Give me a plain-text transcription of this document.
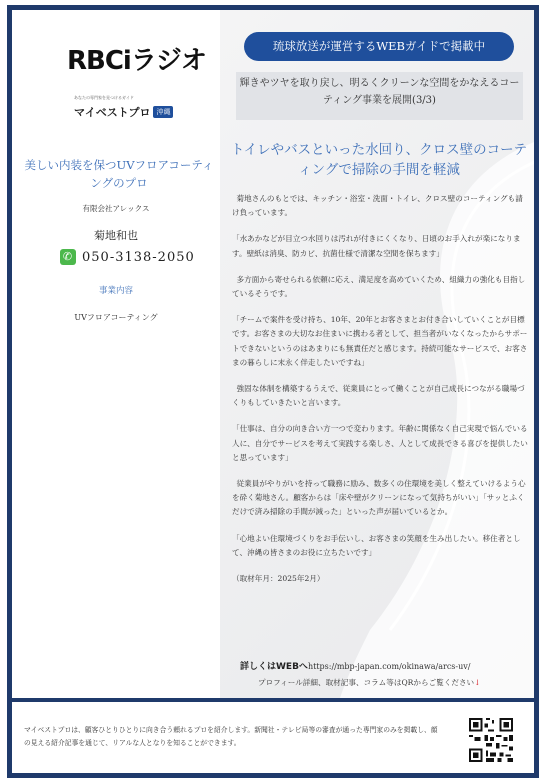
RBCiラジオ
あなたの専門家を見つけるガイド
マイベストプロ 沖縄
美しい内装を保つUVフロアコーティングのプロ
有限会社アレックス
菊地和也
✆ 050-3138-2050
事業内容
UVフロアコーティング
琉球放送が運営するWEBガイドで掲載中
輝きやツヤを取り戻し、明るくクリーンな空間をかなえるコーティング事業を展開(3/3)
トイレやバスといった水回り、クロス壁のコーティングで掃除の手間を軽減

菊地さんのもとでは、キッチン・浴室・洗面・トイレ、クロス壁のコーティングも請け負っています。

「水あかなどが目立つ水回りは汚れが付きにくくなり、日頃のお手入れが楽になります。壁紙は消臭、防カビ、抗菌仕様で清潔な空間を保ちます」

多方面から寄せられる依頼に応え、満足度を高めていくため、組織力の強化も目指しているそうです。

「チームで案件を受け持ち、10年、20年とお客さまとお付き合いしていくことが目標です。お客さまの大切なお住まいに携わる者として、担当者がいなくなったからサポートできないというのはあまりにも無責任だと感じます。持続可能なサービスで、お客さまの暮らしに末永く伴走したいですね」

強固な体制を構築するうえで、従業員にとって働くことが自己成長につながる職場づくりもしていきたいと言います。

「仕事は、自分の向き合い方一つで変わります。年齢に関係なく自己実現で悩んでいる人に、自分でサービスを考えて実践する楽しさ、人として成長できる喜びを提供したいと思っています」

従業員がやりがいを持って職務に励み、数多くの住環境を美しく整えていけるよう心を砕く菊地さん。顧客からは「床や壁がクリーンになって気持ちがいい」「サッとふくだけで済み掃除の手間が減った」といった声が届いているとか。

「心地よい住環境づくりをお手伝いし、お客さまの笑顔を生み出したい。移住者として、沖縄の皆さまのお役に立ちたいです」

（取材年月：2025年2月）

詳しくはWEBへhttps://mbp-japan.com/okinawa/arcs-uv/
プロフィール詳細、取材記事、コラム等はQRからご覧ください↓
マイベストプロは、顧客ひとりひとりに向き合う頼れるプロを紹介します。新聞社・テレビ局等の審査が通った専門家のみを掲載し、顔の見える紹介記事を通じて、リアルな人となりを知ることができます。
